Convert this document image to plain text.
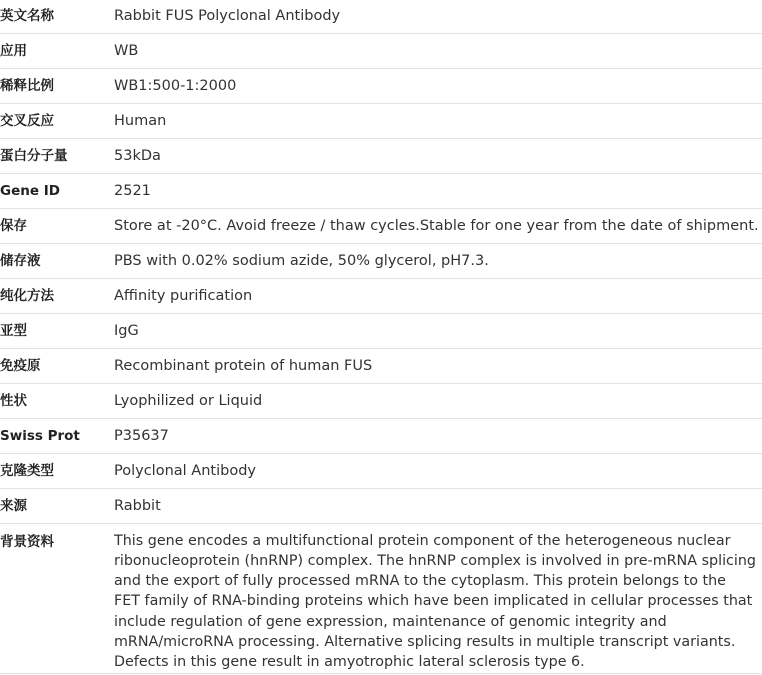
英文名称	Rabbit FUS Polyclonal Antibody
应用	WB
稀释比例	WB1:500-1:2000
交叉反应	Human
蛋白分子量	53kDa
Gene ID	2521
保存	Store at -20°C. Avoid freeze / thaw cycles.Stable for one year from the date of shipment.
储存液	PBS with 0.02% sodium azide, 50% glycerol, pH7.3.
纯化方法	Affinity purification
亚型	IgG
免疫原	Recombinant protein of human FUS
性状	Lyophilized or Liquid
Swiss Prot	P35637
克隆类型	Polyclonal Antibody
来源	Rabbit
背景资料	This gene encodes a multifunctional protein component of the heterogeneous nuclear ribonucleoprotein (hnRNP) complex. The hnRNP complex is involved in pre-mRNA splicing and the export of fully processed mRNA to the cytoplasm. This protein belongs to the FET family of RNA-binding proteins which have been implicated in cellular processes that include regulation of gene expression, maintenance of genomic integrity and mRNA/microRNA processing. Alternative splicing results in multiple transcript variants. Defects in this gene result in amyotrophic lateral sclerosis type 6.
